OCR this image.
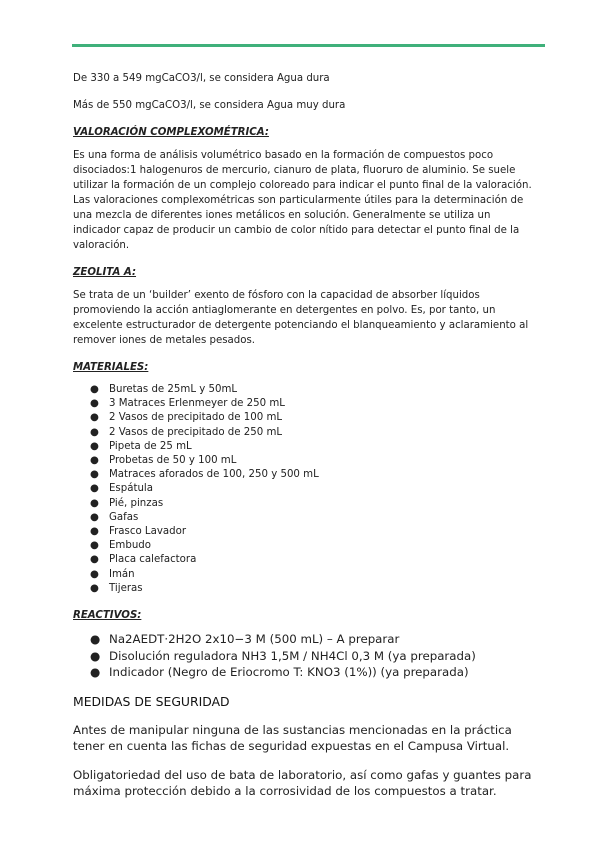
De 330 a 549 mgCaCO3/l, se considera Agua dura

Más de 550 mgCaCO3/l, se considera Agua muy dura

VALORACIÓN COMPLEXOMÉTRICA:

Es una forma de análisis volumétrico basado en la formación de compuestos poco disociados:1 halogenuros de mercurio, cianuro de plata, fluoruro de aluminio. Se suele utilizar la formación de un complejo coloreado para indicar el punto final de la valoración. Las valoraciones complexométricas son particularmente útiles para la determinación de una mezcla de diferentes iones metálicos en solución. Generalmente se utiliza un indicador capaz de producir un cambio de color nítido para detectar el punto final de la valoración.

ZEOLITA A:

Se trata de un ‘builder’ exento de fósforo con la capacidad de absorber líquidos promoviendo la acción antiaglomerante en detergentes en polvo. Es, por tanto, un excelente estructurador de detergente potenciando el blanqueamiento y aclaramiento al remover iones de metales pesados.

MATERIALES:

● Buretas de 25mL y 50mL
● 3 Matraces Erlenmeyer de 250 mL
● 2 Vasos de precipitado de 100 mL
● 2 Vasos de precipitado de 250 mL
● Pipeta de 25 mL
● Probetas de 50 y 100 mL
● Matraces aforados de 100, 250 y 500 mL
● Espátula
● Pié, pinzas
● Gafas
● Frasco Lavador
● Embudo
● Placa calefactora
● Imán
● Tijeras

REACTIVOS:

● Na2AEDT·2H2O 2x10−3 M (500 mL) – A preparar
● Disolución reguladora NH3 1,5M / NH4Cl 0,3 M (ya preparada)
● Indicador (Negro de Eriocromo T: KNO3 (1%)) (ya preparada)

MEDIDAS DE SEGURIDAD

Antes de manipular ninguna de las sustancias mencionadas en la práctica tener en cuenta las fichas de seguridad expuestas en el Campusa Virtual.

Obligatoriedad del uso de bata de laboratorio, así como gafas y guantes para máxima protección debido a la corrosividad de los compuestos a tratar.
